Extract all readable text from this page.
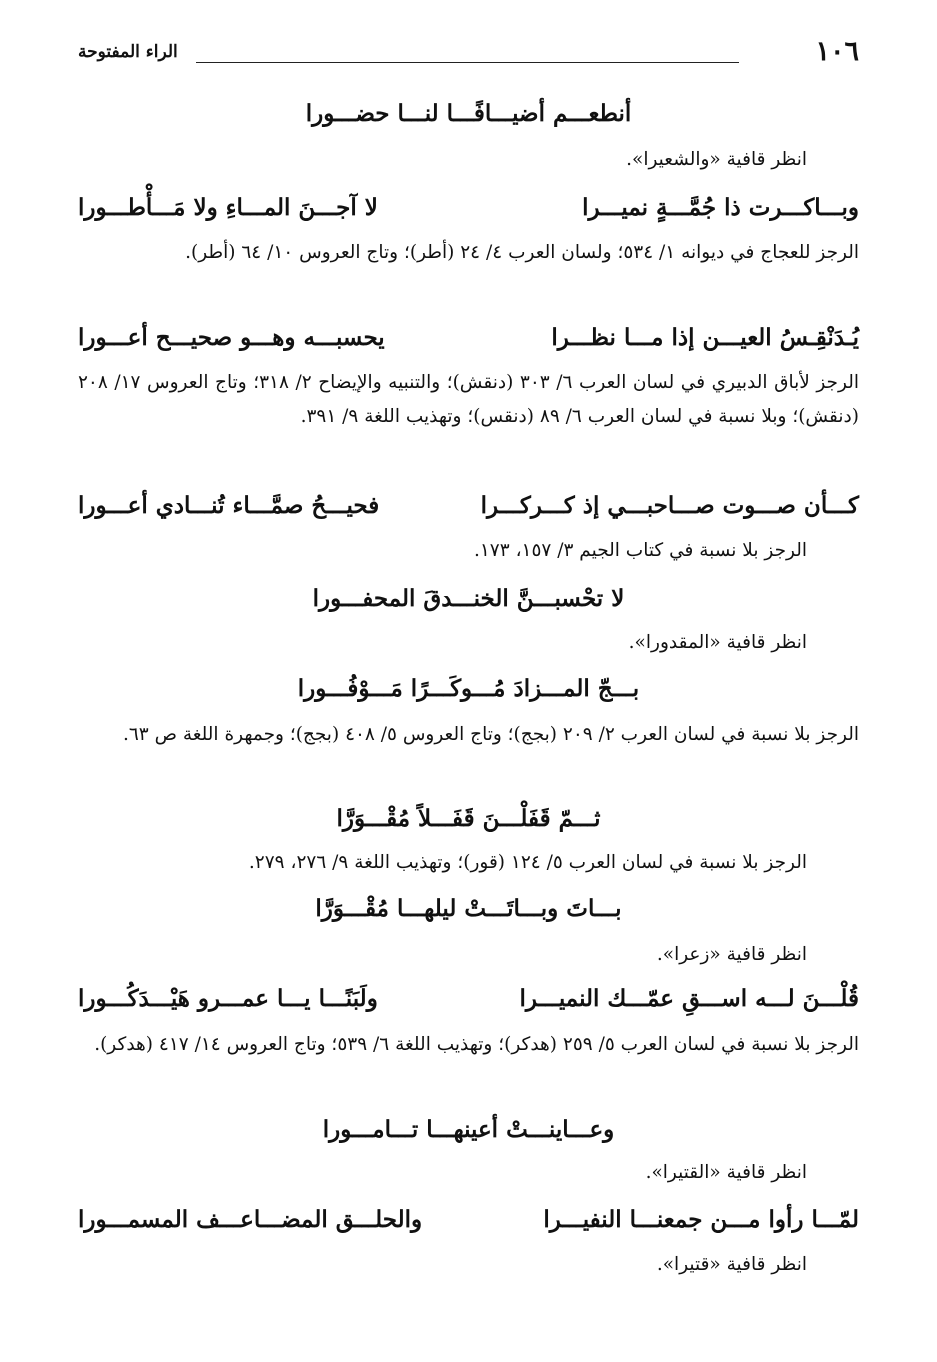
١٠٦
الراء المفتوحة
أنطعـــم أضيـــافًـــا لنـــا حضـــورا
انظر قافية «والشعيرا».
وبـــاكـــرت ذا جُمَّـــةٍ نميـــرا
لا آجـــنَ المـــاءِ ولا مَـــأْطـــورا
الرجز للعجاج في ديوانه ١/ ٥٣٤؛ ولسان العرب ٤/ ٢٤ (أطر)؛ وتاج العروس ١٠/ ٦٤ (أطر).
يُـدَنْقِـسُ العيـــن إذا مـــا نظـــرا
يحسبـــه وهـــو صحيـــح أعـــورا
الرجز لأباق الدبيري في لسان العرب ٦/ ٣٠٣ (دنقش)؛ والتنبيه والإيضاح ٢/ ٣١٨؛ وتاج العروس ١٧/ ٢٠٨ (دنقش)؛ وبلا نسبة في لسان العرب ٦/ ٨٩ (دنقس)؛ وتهذيب اللغة ٩/ ٣٩١.
كـــأن صـــوت صـــاحبـــي إذ كـــركـــرا
فحيـــحُ صمَّـــاء تُنـــادي أعـــورا
الرجز بلا نسبة في كتاب الجيم ٣/ ١٥٧، ١٧٣.
لا تحْسبـــنَّ الخنـــدقَ المحفـــورا
انظر قافية «المقدورا».
بـــجّ المـــزادَ مُـــوكَـــرًا مَـــوْفُـــورا
الرجز بلا نسبة في لسان العرب ٢/ ٢٠٩ (بجج)؛ وتاج العروس ٥/ ٤٠٨ (بجج)؛ وجمهرة اللغة ص ٦٣.
ثـــمّ قَفَلْـــنَ قَفَـــلاً مُقْـــوَرَّا
الرجز بلا نسبة في لسان العرب ٥/ ١٢٤ (قور)؛ وتهذيب اللغة ٩/ ٢٧٦، ٢٧٩.
بـــاتَ وبـــاتَـــتْ ليلهـــا مُقْـــوَرَّا
انظر قافية «زعرا».
قُلْـــنَ لـــه اســـقِ عمّـــك النميـــرا
ولَبَنًـــا يـــا عمـــرو هَيْـــدَكُـــورا
الرجز بلا نسبة في لسان العرب ٥/ ٢٥٩ (هدكر)؛ وتهذيب اللغة ٦/ ٥٣٩؛ وتاج العروس ١٤/ ٤١٧ (هدكر).
وعـــاينـــتْ أعينهـــا تـــامـــورا
انظر قافية «القتيرا».
لمّـــا رأوا مـــن جمعنـــا النفيـــرا
والحلـــق المضـــاعـــف المسمـــورا
انظر قافية «قتيرا».
